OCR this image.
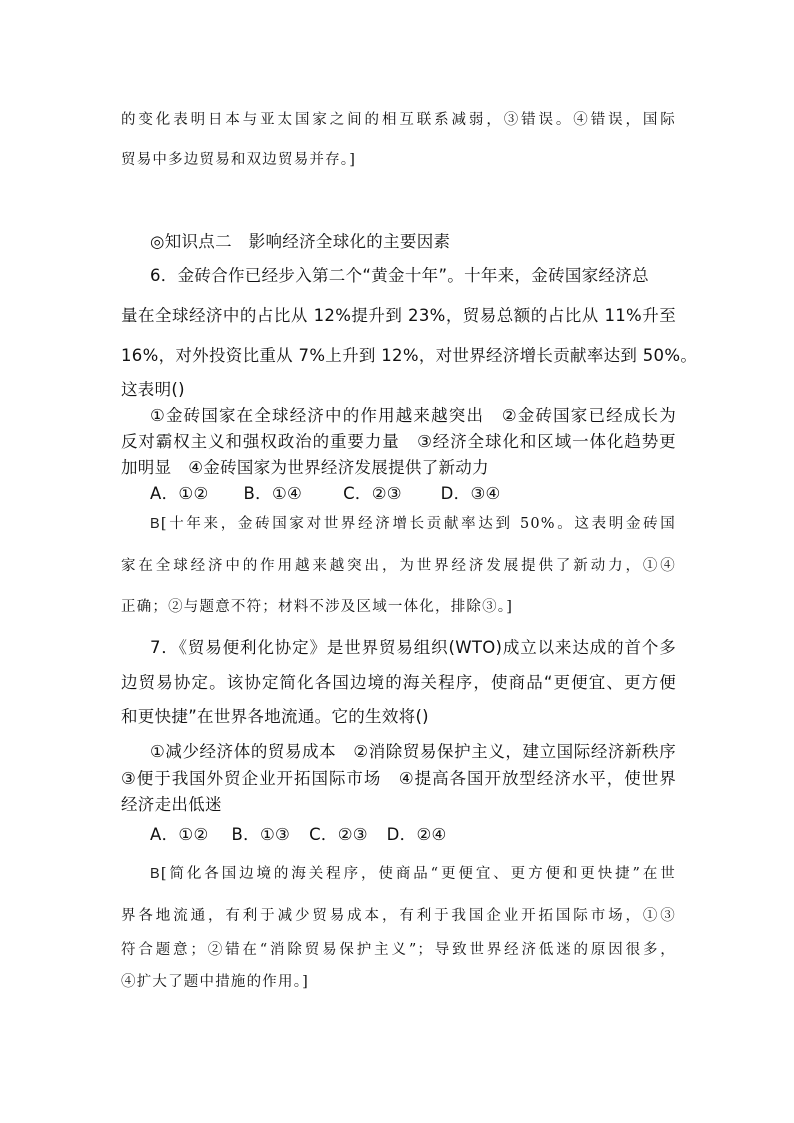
的变化表明日本与亚太国家之间的相互联系减弱，③错误。④错误，国际
贸易中多边贸易和双边贸易并存。]
◎知识点二　影响经济全球化的主要因素
6．金砖合作已经步入第二个“黄金十年”。十年来，金砖国家经济总
量在全球经济中的占比从 12%提升到 23%，贸易总额的占比从 11%升至
16%，对外投资比重从 7%上升到 12%，对世界经济增长贡献率达到 50%。
这表明()
①金砖国家在全球经济中的作用越来越突出　②金砖国家已经成长为
反对霸权主义和强权政治的重要力量　③经济全球化和区域一体化趋势更
加明显　④金砖国家为世界经济发展提供了新动力
A．①② B．①④ C．②③ D．③④
B[十年来，金砖国家对世界经济增长贡献率达到 50%。这表明金砖国
家在全球经济中的作用越来越突出，为世界经济发展提供了新动力，①④
正确；②与题意不符；材料不涉及区域一体化，排除③。]
7．《贸易便利化协定》是世界贸易组织(WTO)成立以来达成的首个多
边贸易协定。该协定简化各国边境的海关程序，使商品“更便宜、更方便
和更快捷”在世界各地流通。它的生效将()
①减少经济体的贸易成本　②消除贸易保护主义，建立国际经济新秩序
③便于我国外贸企业开拓国际市场　④提高各国开放型经济水平，使世界
经济走出低迷
A．①② B．①③ C．②③ D．②④
B[简化各国边境的海关程序，使商品“更便宜、更方便和更快捷”在世
界各地流通，有利于减少贸易成本，有利于我国企业开拓国际市场，①③
符合题意；②错在“消除贸易保护主义”；导致世界经济低迷的原因很多，
④扩大了题中措施的作用。]
